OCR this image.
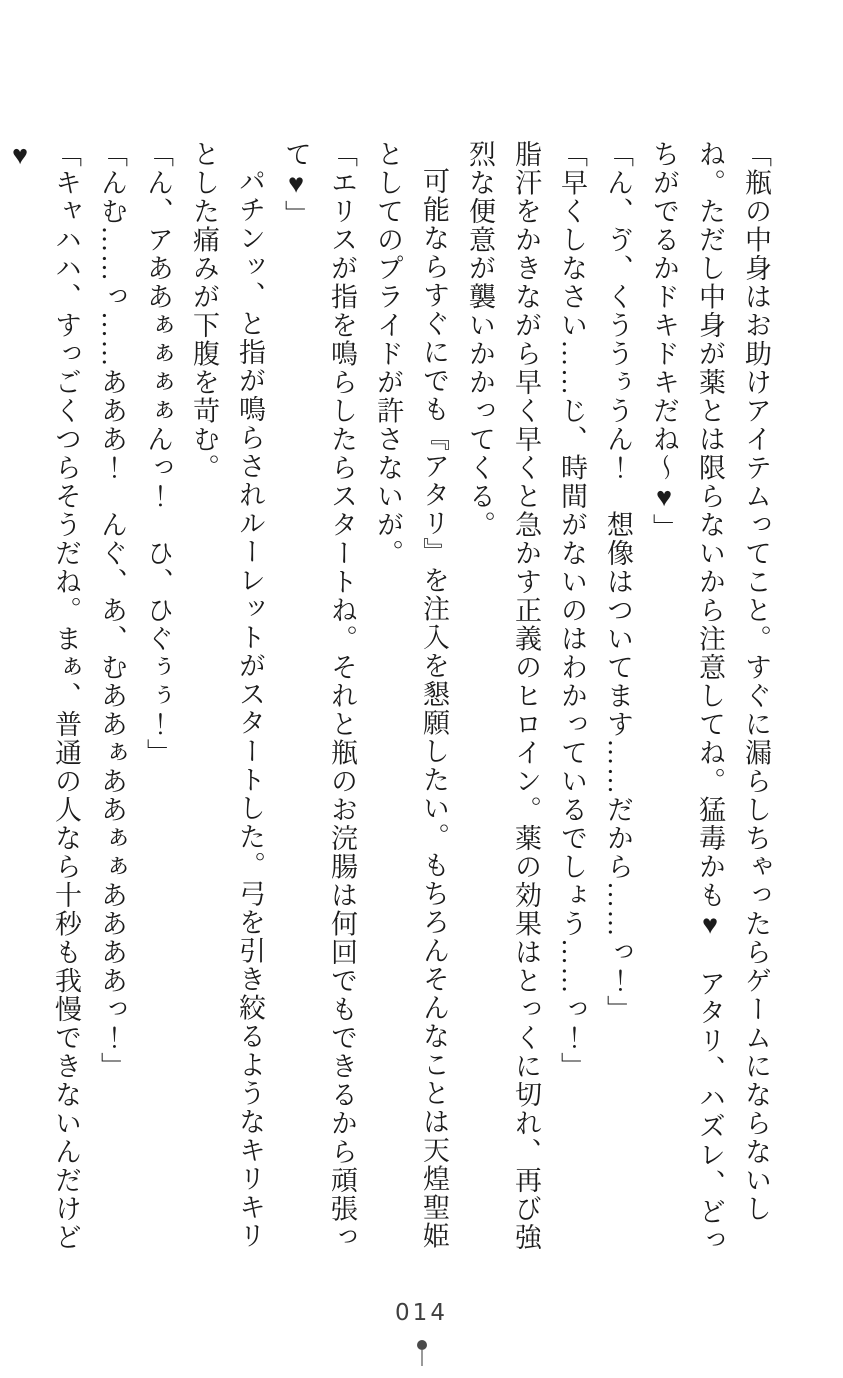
「瓶の中身はお助けアイテムってこと。すぐに漏らしちゃったらゲームにならないしね。ただし中身が薬とは限らないから注意してね。猛毒かも♥　アタリ、ハズレ、どっちがでるかドキドキだね～♥」

「ん、ゔ、くううぅうん！　想像はついてます……だから……っ！」

「早くしなさい……じ、時間がないのはわかっているでしょう……っ！」

脂汗をかきながら早く早くと急かす正義のヒロイン。薬の効果はとっくに切れ、再び強烈な便意が襲いかかってくる。

可能ならすぐにでも『アタリ』を注入を懇願したい。もちろんそんなことは天煌聖姫としてのプライドが許さないが。

「エリスが指を鳴らしたらスタートね。それと瓶のお浣腸は何回でもできるから頑張って♥」

パチンッ、と指が鳴らされルーレットがスタートした。弓を引き絞るようなキリキリとした痛みが下腹を苛む。

「ん、アああぁぁぁぁんっ！　ひ、ひぐぅぅ！」

「んむ……っ……あああ！　んぐ、あ、むああぁああぁぁああああっ！」

「キャハハ、すっごくつらそうだね。まぁ、普通の人なら十秒も我慢できないんだけど♥

014
